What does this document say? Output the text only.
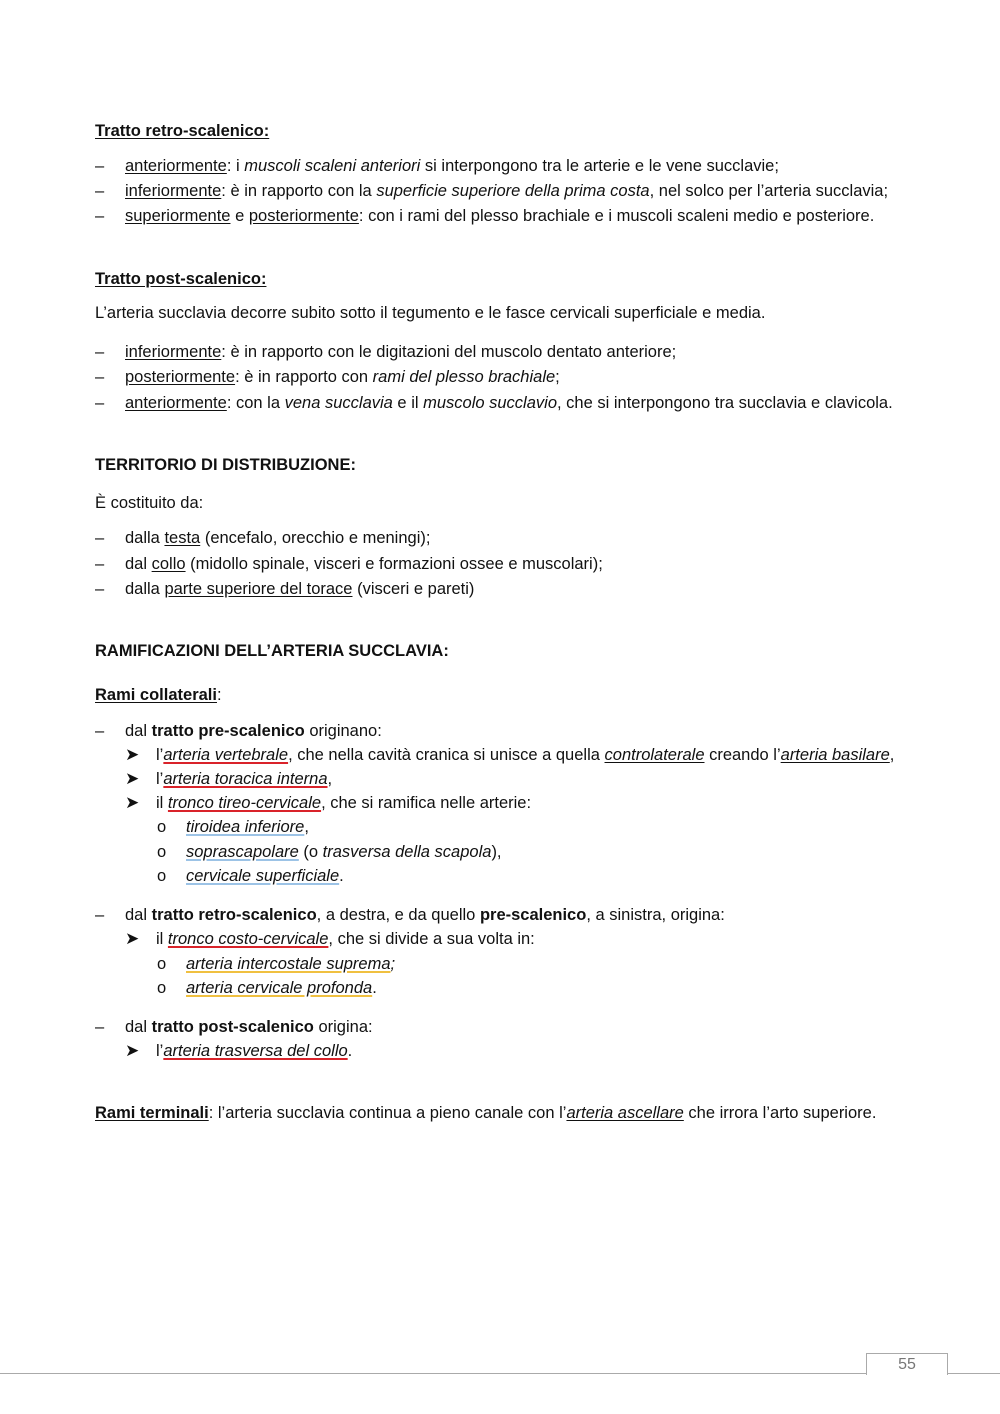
Tratto retro-scalenico:
– anteriormente: i muscoli scaleni anteriori si interpongono tra le arterie e le vene succlavie;
– inferiormente: è in rapporto con la superficie superiore della prima costa, nel solco per l’arteria succlavia;
– superiormente e posteriormente: con i rami del plesso brachiale e i muscoli scaleni medio e posteriore.
Tratto post-scalenico:
L’arteria succlavia decorre subito sotto il tegumento e le fasce cervicali superficiale e media.
– inferiormente: è in rapporto con le digitazioni del muscolo dentato anteriore;
– posteriormente: è in rapporto con rami del plesso brachiale;
– anteriormente: con la vena succlavia e il muscolo succlavio, che si interpongono tra succlavia e clavicola.
TERRITORIO DI DISTRIBUZIONE:
È costituito da:
– dalla testa (encefalo, orecchio e meningi);
– dal collo (midollo spinale, visceri e formazioni ossee e muscolari);
– dalla parte superiore del torace (visceri e pareti)
RAMIFICAZIONI DELL’ARTERIA SUCCLAVIA:
Rami collaterali:
– dal tratto pre-scalenico originano:
➤ l’arteria vertebrale, che nella cavità cranica si unisce a quella controlaterale creando l’arteria basilare,
➤ l’arteria toracica interna,
➤ il tronco tireo-cervicale, che si ramifica nelle arterie:
o tiroidea inferiore,
o soprascapolare (o trasversa della scapola),
o cervicale superficiale.
– dal tratto retro-scalenico, a destra, e da quello pre-scalenico, a sinistra, origina:
➤ il tronco costo-cervicale, che si divide a sua volta in:
o arteria intercostale suprema;
o arteria cervicale profonda.
– dal tratto post-scalenico origina:
➤ l’arteria trasversa del collo.
Rami terminali: l’arteria succlavia continua a pieno canale con l’arteria ascellare che irrora l’arto superiore.
55
